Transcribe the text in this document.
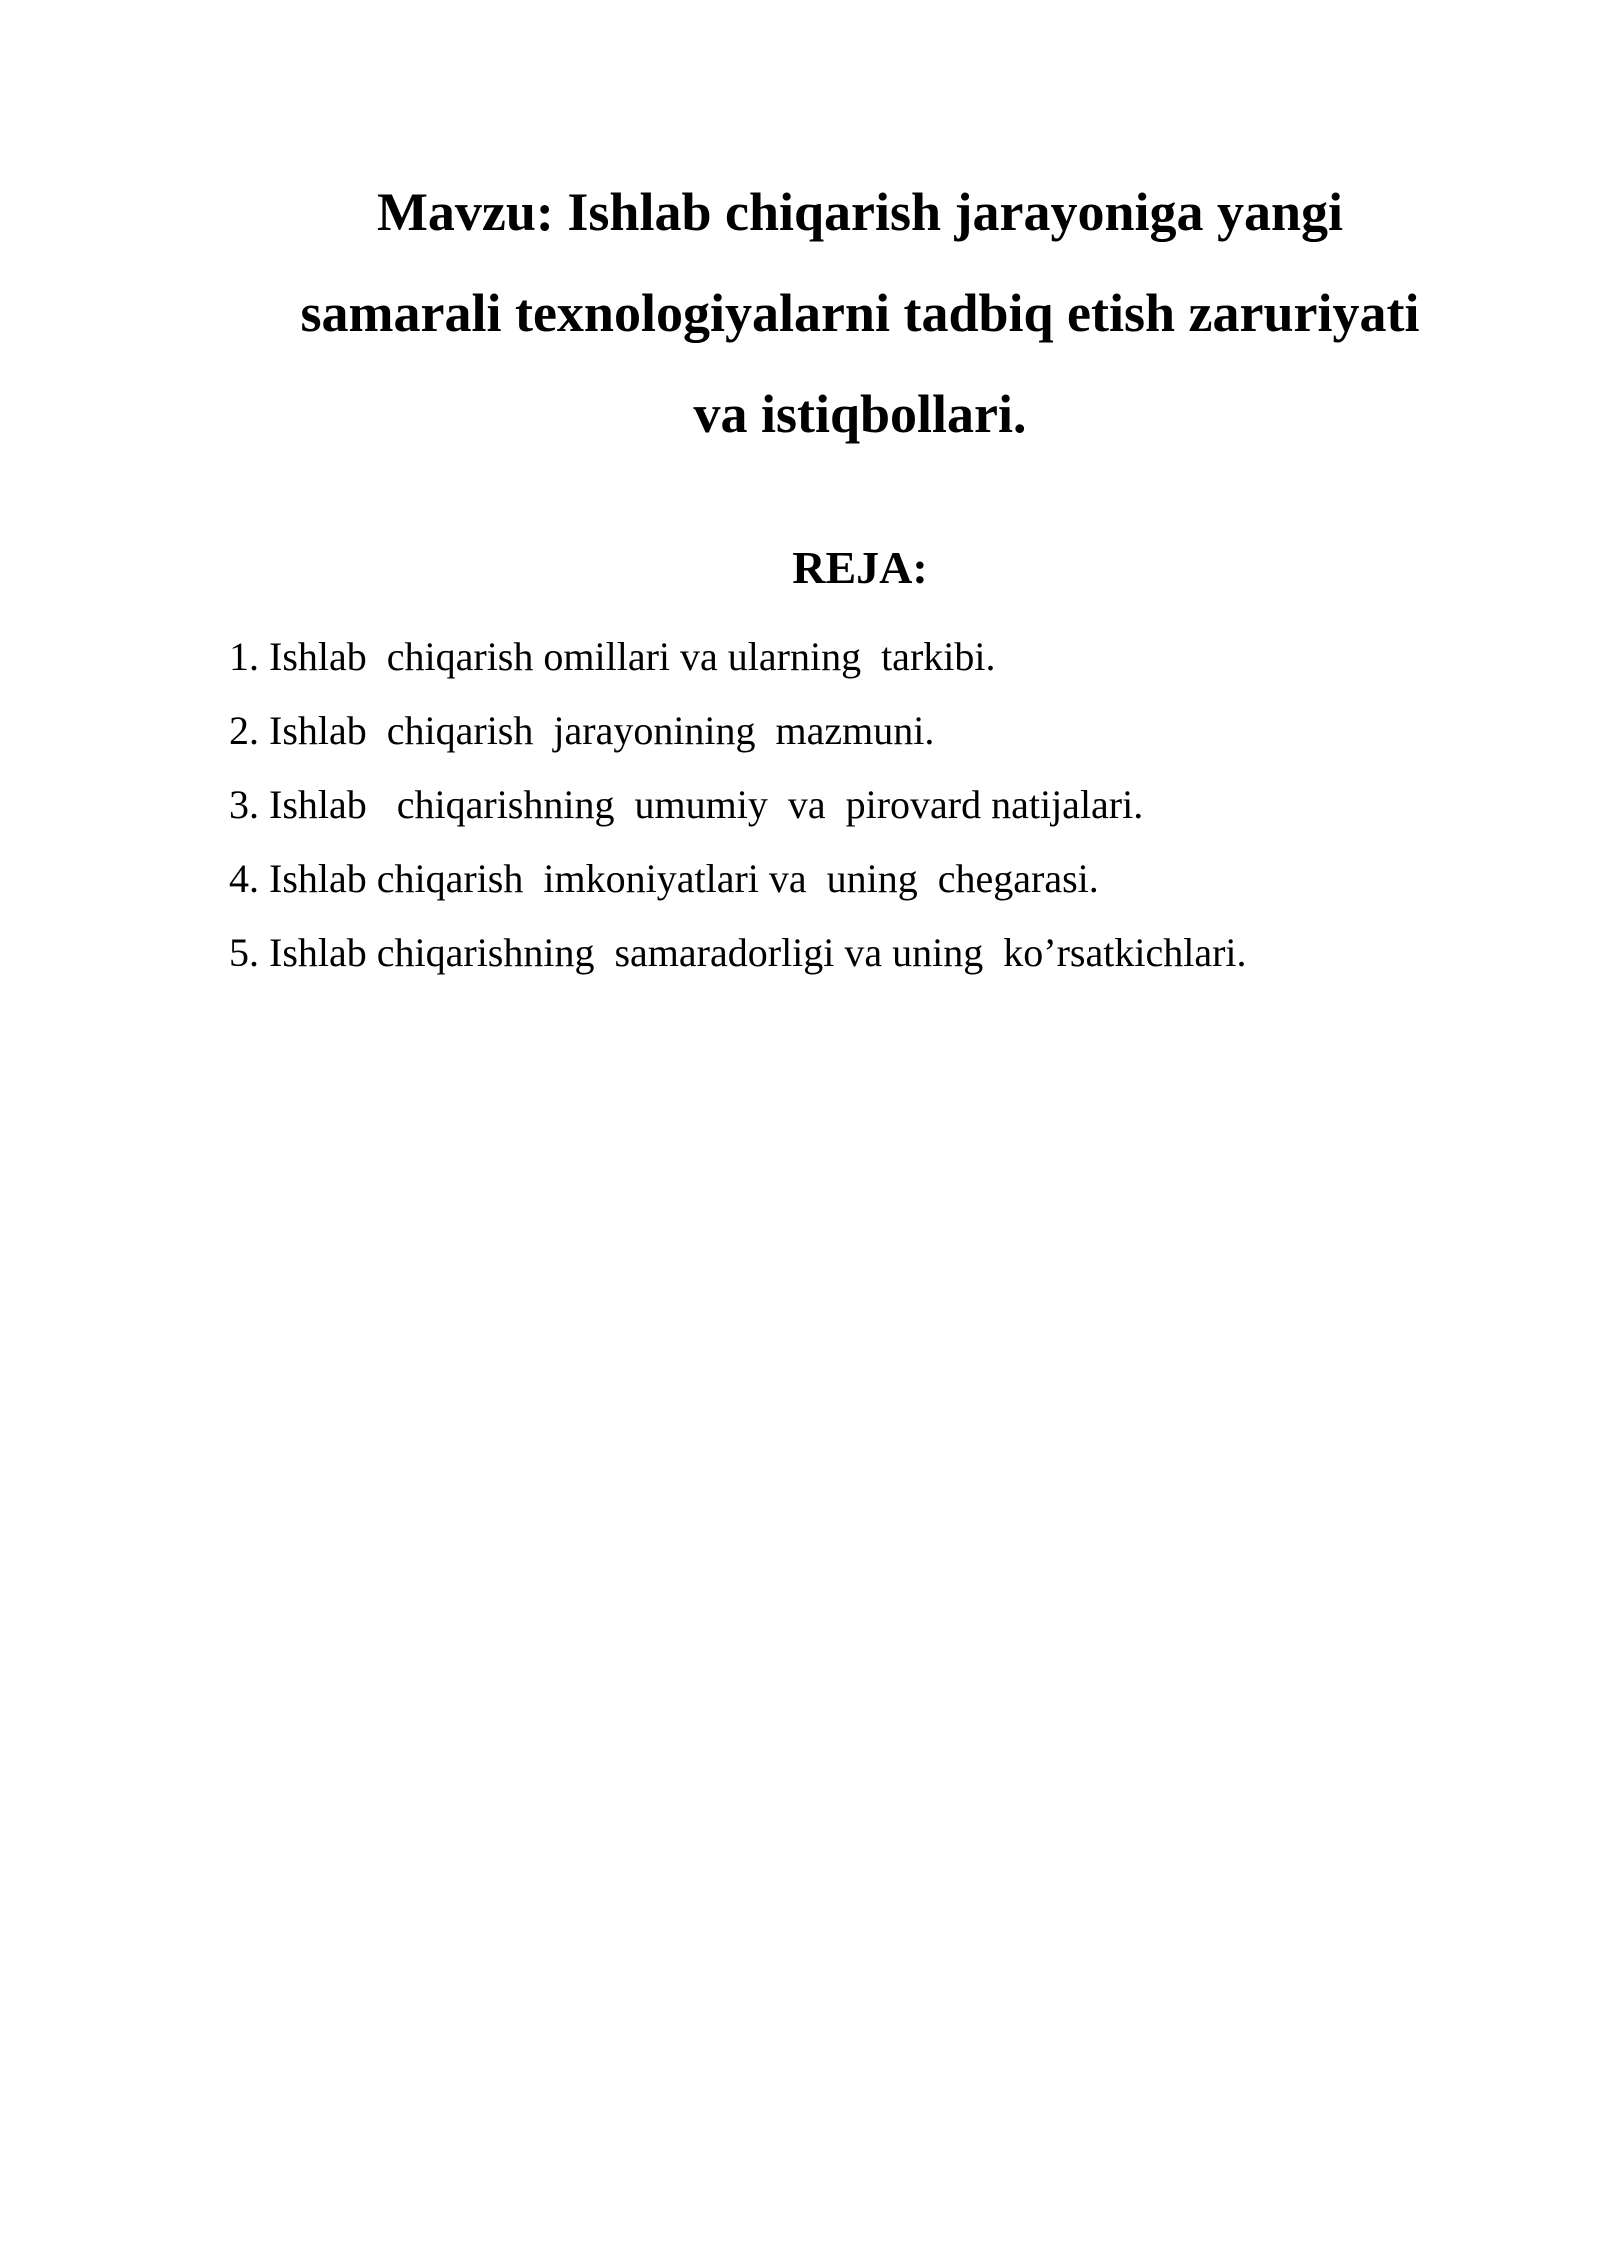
Mavzu: Ishlab chiqarish jarayoniga yangi
samarali texnologiyalarni tadbiq etish zaruriyati
va istiqbollari.
REJA:
1. Ishlab  chiqarish omillari va ularning  tarkibi.
2. Ishlab  chiqarish  jarayonining  mazmuni.
3. Ishlab   chiqarishning  umumiy  va  pirovard natijalari.
4. Ishlab chiqarish  imkoniyatlari va  uning  chegarasi.
5. Ishlab chiqarishning  samaradorligi va uning  ko’rsatkichlari.
